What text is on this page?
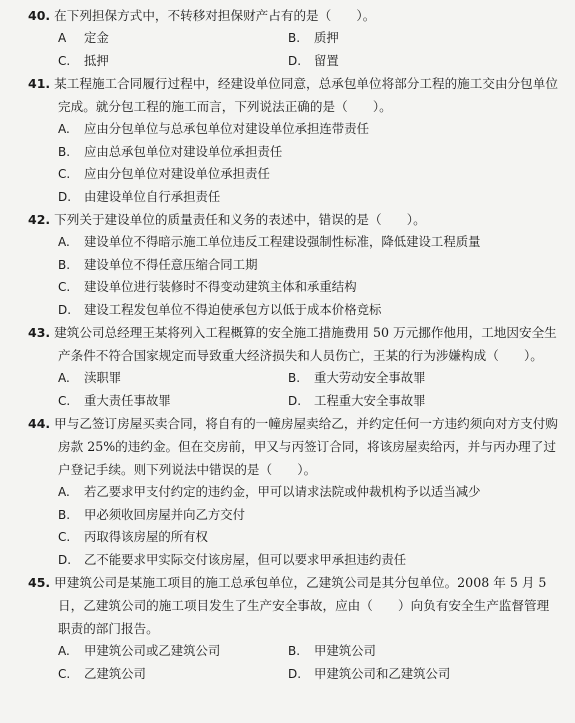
40. 在下列担保方式中，不转移对担保财产占有的是（　　）。
A 定金	B. 质押
C. 抵押	D. 留置
41. 某工程施工合同履行过程中，经建设单位同意，总承包单位将部分工程的施工交由分包单位完成。就分包工程的施工而言，下列说法正确的是（　　）。
A. 应由分包单位与总承包单位对建设单位承担连带责任
B. 应由总承包单位对建设单位承担责任
C. 应由分包单位对建设单位承担责任
D. 由建设单位自行承担责任
42. 下列关于建设单位的质量责任和义务的表述中，错误的是（　　）。
A. 建设单位不得暗示施工单位违反工程建设强制性标准，降低建设工程质量
B. 建设单位不得任意压缩合同工期
C. 建设单位进行装修时不得变动建筑主体和承重结构
D. 建设工程发包单位不得迫使承包方以低于成本价格竞标
43. 建筑公司总经理王某将列入工程概算的安全施工措施费用 50 万元挪作他用，工地因安全生产条件不符合国家规定而导致重大经济损失和人员伤亡，王某的行为涉嫌构成（　　）。
A. 渎职罪	B. 重大劳动安全事故罪
C. 重大责任事故罪	D. 工程重大安全事故罪
44. 甲与乙签订房屋买卖合同，将自有的一幢房屋卖给乙，并约定任何一方违约须向对方支付购房款 25%的违约金。但在交房前，甲又与丙签订合同，将该房屋卖给丙，并与丙办理了过户登记手续。则下列说法中错误的是（　　）。
A. 若乙要求甲支付约定的违约金，甲可以请求法院或仲裁机构予以适当减少
B. 甲必须收回房屋并向乙方交付
C. 丙取得该房屋的所有权
D. 乙不能要求甲实际交付该房屋，但可以要求甲承担违约责任
45. 甲建筑公司是某施工项目的施工总承包单位，乙建筑公司是其分包单位。2008 年 5 月 5 日，乙建筑公司的施工项目发生了生产安全事故，应由（　　）向负有安全生产监督管理职责的部门报告。
A. 甲建筑公司或乙建筑公司	B. 甲建筑公司
C. 乙建筑公司	D. 甲建筑公司和乙建筑公司
